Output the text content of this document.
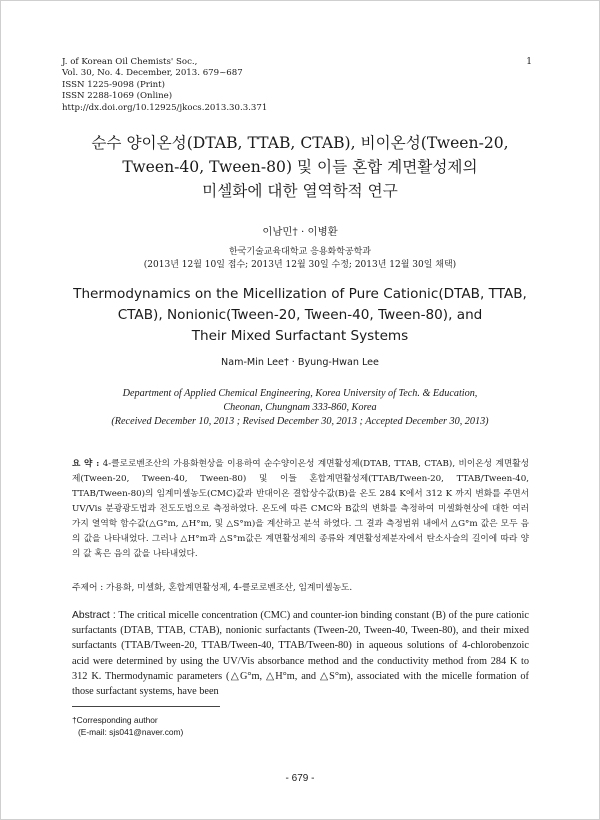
J. of Korean Oil Chemists' Soc.,
Vol. 30, No. 4. December, 2013. 679~687
ISSN 1225-9098 (Print)
ISSN 2288-1069 (Online)
http://dx.doi.org/10.12925/jkocs.2013.30.3.371
1
순수 양이온성(DTAB, TTAB, CTAB), 비이온성(Tween-20,
Tween-40, Tween-80) 및 이들 혼합 계면활성제의
미셀화에 대한 열역학적 연구
이남민† · 이병환
한국기술교육대학교 응용화학공학과
(2013년 12월 10일 접수; 2013년 12월 30일 수정; 2013년 12월 30일 채택)
Thermodynamics on the Micellization of Pure Cationic(DTAB, TTAB,
CTAB), Nonionic(Tween-20, Tween-40, Tween-80), and
Their Mixed Surfactant Systems
Nam-Min Lee† · Byung-Hwan Lee
Department of Applied Chemical Engineering, Korea University of Tech. & Education,
Cheonan, Chungnam 333-860, Korea
(Received December 10, 2013 ; Revised December 30, 2013 ; Accepted December 30, 2013)
요 약 : 4-클로로벤조산의 가용화현상을 이용하여 순수양이온성 계면활성제(DTAB, TTAB, CTAB), 비이온성 계면활성제(Tween-20, Tween-40, Tween-80) 및 이들 혼합계면활성제(TTAB/Tween-20, TTAB/Tween-40, TTAB/Tween-80)의 임계미셀농도(CMC)값과 반대이온 결합상수값(B)을 온도 284 K에서 312 K 까지 변화를 주면서 UV/Vis 분광광도법과 전도도법으로 측정하였다. 온도에 따른 CMC와 B값의 변화를 측정하여 미셀화현상에 대한 여러 가지 열역학 함수값(△G°m, △H°m, 및 △S°m)을 계산하고 분석 하였다. 그 결과 측정범위 내에서 △G°m 값은 모두 음의 값을 나타내었다. 그러나 △H°m과 △S°m값은 계면활성제의 종류와 계면활성제분자에서 탄소사슬의 길이에 따라 양의 값 혹은 음의 값을 나타내었다.
주제어 : 가용화, 미셀화, 혼합계면활성제, 4-클로로벤조산, 임계미셀농도.
Abstract : The critical micelle concentration (CMC) and counter-ion binding constant (B) of the pure cationic surfactants (DTAB, TTAB, CTAB), nonionic surfactants (Tween-20, Tween-40, Tween-80), and their mixed surfactants (TTAB/Tween-20, TTAB/Tween-40, TTAB/Tween-80) in aqueous solutions of 4-chlorobenzoic acid were determined by using the UV/Vis absorbance method and the conductivity method from 284 K to 312 K. Thermodynamic parameters (△G°m, △H°m, and △S°m), associated with the micelle formation of those surfactant systems, have been
†Corresponding author
(E-mail: sjs041@naver.com)
- 679 -
